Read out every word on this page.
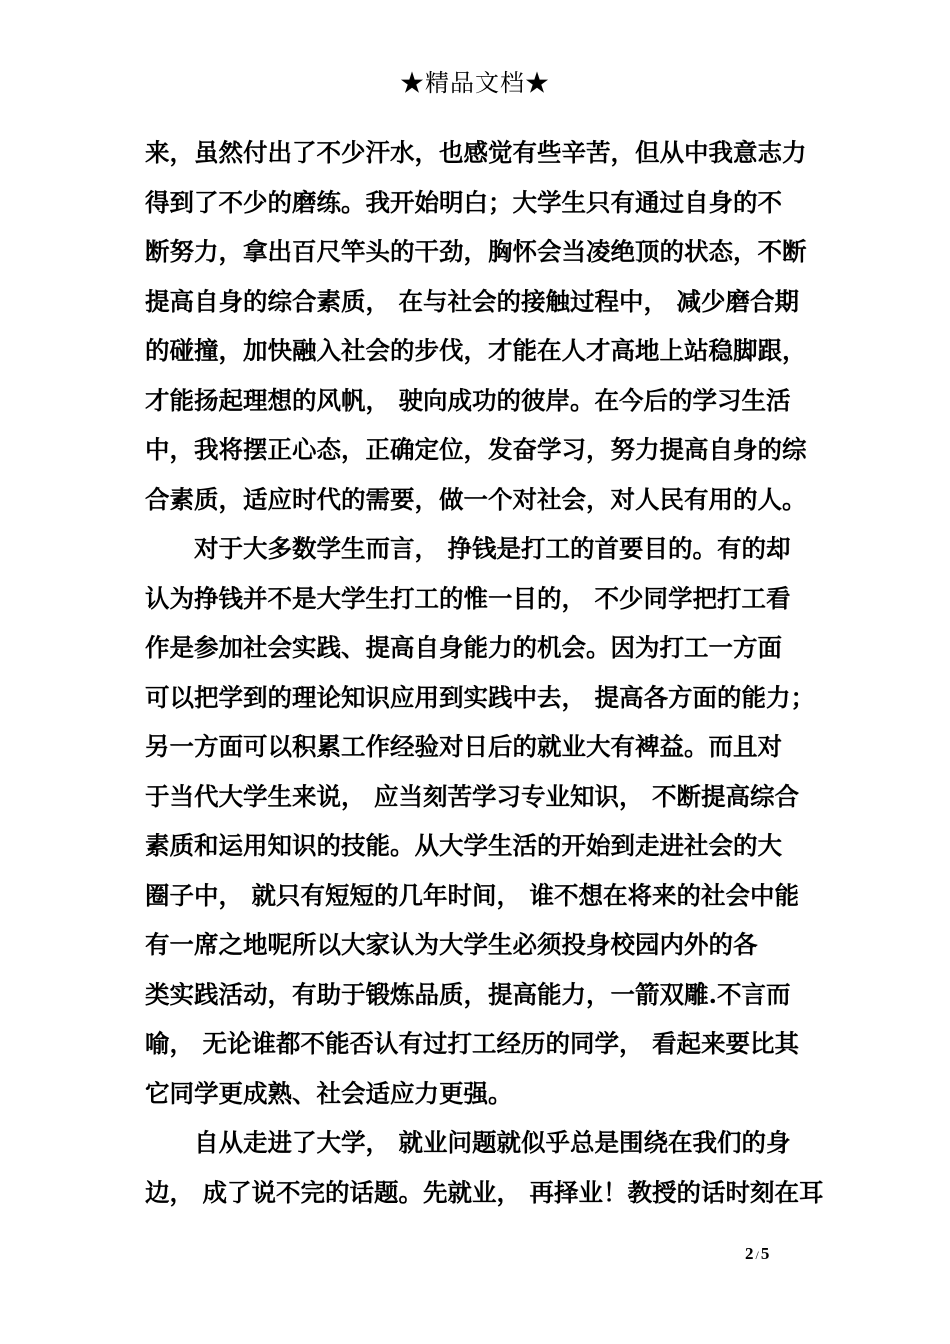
★精品文档★
来，虽然付出了不少汗水，也感觉有些辛苦，但从中我意志力
得到了不少的磨练。我开始明白；大学生只有通过自身的不
断努力，拿出百尺竿头的干劲，胸怀会当凌绝顶的状态，不断
提高自身的综合素质， 在与社会的接触过程中， 减少磨合期
的碰撞，加快融入社会的步伐，才能在人才高地上站稳脚跟，
才能扬起理想的风帆， 驶向成功的彼岸。在今后的学习生活
中，我将摆正心态，正确定位，发奋学习，努力提高自身的综
合素质，适应时代的需要，做一个对社会，对人民有用的人。
对于大多数学生而言， 挣钱是打工的首要目的。有的却
认为挣钱并不是大学生打工的惟一目的， 不少同学把打工看
作是参加社会实践、提高自身能力的机会。因为打工一方面
可以把学到的理论知识应用到实践中去， 提高各方面的能力；
另一方面可以积累工作经验对日后的就业大有裨益。而且对
于当代大学生来说， 应当刻苦学习专业知识， 不断提高综合
素质和运用知识的技能。从大学生活的开始到走进社会的大
圈子中， 就只有短短的几年时间， 谁不想在将来的社会中能
有一席之地呢所以大家认为大学生必须投身校园内外的各
类实践活动，有助于锻炼品质，提高能力，一箭双雕.不言而
喻， 无论谁都不能否认有过打工经历的同学， 看起来要比其
它同学更成熟、社会适应力更强。
自从走进了大学， 就业问题就似乎总是围绕在我们的身
边， 成了说不完的话题。先就业， 再择业！教授的话时刻在耳
2 / 5
